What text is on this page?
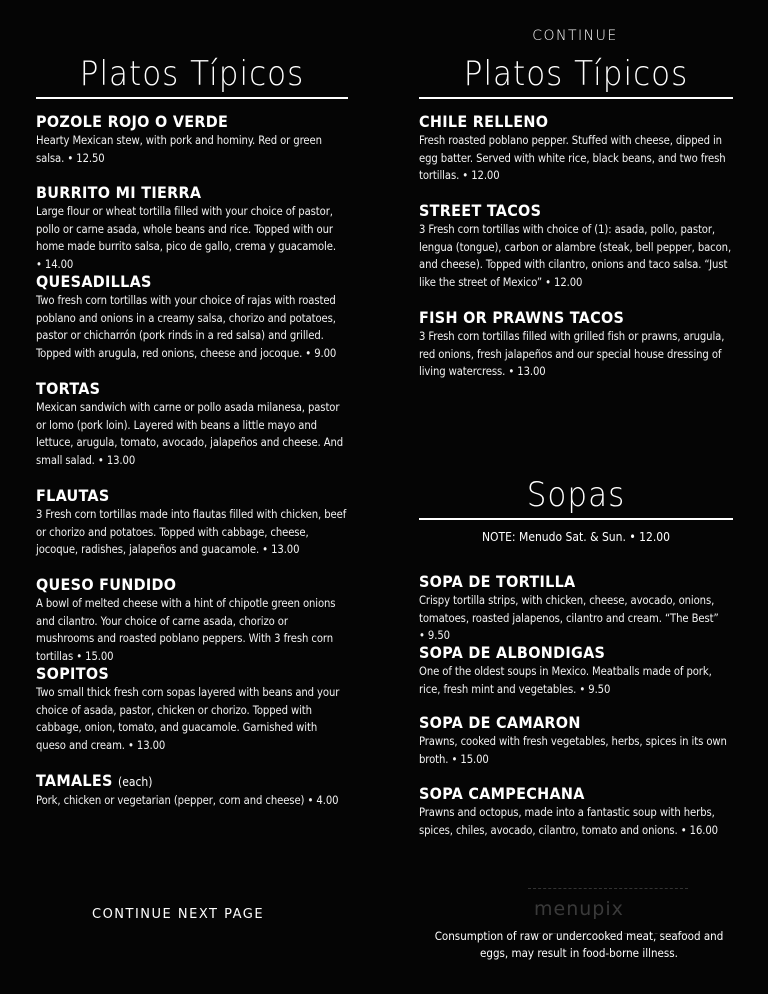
Platos Típicos
POZOLE ROJO O VERDE
Hearty Mexican stew, with pork and hominy. Red or green salsa. • 12.50
BURRITO MI TIERRA
Large flour or wheat tortilla filled with your choice of pastor, pollo or carne asada, whole beans and rice. Topped with our home made burrito salsa, pico de gallo, crema y guacamole. • 14.00
QUESADILLAS
Two fresh corn tortillas with your choice of rajas with roasted poblano and onions in a creamy salsa, chorizo and potatoes, pastor or chicharrón (pork rinds in a red salsa) and grilled. Topped with arugula, red onions, cheese and jocoque. • 9.00
TORTAS
Mexican sandwich with carne or pollo asada milanesa, pastor or lomo (pork loin). Layered with beans a little mayo and lettuce, arugula, tomato, avocado, jalapeños and cheese. And small salad. • 13.00
FLAUTAS
3 Fresh corn tortillas made into flautas filled with chicken, beef or chorizo and potatoes. Topped with cabbage, cheese, jocoque, radishes, jalapeños and guacamole. • 13.00
QUESO FUNDIDO
A bowl of melted cheese with a hint of chipotle green onions and cilantro. Your choice of carne asada, chorizo or mushrooms and roasted poblano peppers. With 3 fresh corn tortillas • 15.00
SOPITOS
Two small thick fresh corn sopas layered with beans and your choice of asada, pastor, chicken or chorizo. Topped with cabbage, onion, tomato, and guacamole. Garnished with queso and cream. • 13.00
TAMALES (each)
Pork, chicken or vegetarian (pepper, corn and cheese) • 4.00
CONTINUE NEXT PAGE
CONTINUE
Platos Típicos
CHILE RELLENO
Fresh roasted poblano pepper. Stuffed with cheese, dipped in egg batter. Served with white rice, black beans, and two fresh tortillas. • 12.00
STREET TACOS
3 Fresh corn tortillas with choice of (1): asada, pollo, pastor, lengua (tongue), carbon or alambre (steak, bell pepper, bacon, and cheese). Topped with cilantro, onions and taco salsa. “Just like the street of Mexico” • 12.00
FISH OR PRAWNS TACOS
3 Fresh corn tortillas filled with grilled fish or prawns, arugula, red onions, fresh jalapeños and our special house dressing of living watercress. • 13.00
Sopas
NOTE: Menudo Sat. & Sun. • 12.00
SOPA DE TORTILLA
Crispy tortilla strips, with chicken, cheese, avocado, onions, tomatoes, roasted jalapenos, cilantro and cream. “The Best” • 9.50
SOPA DE ALBONDIGAS
One of the oldest soups in Mexico. Meatballs made of pork, rice, fresh mint and vegetables. • 9.50
SOPA DE CAMARON
Prawns, cooked with fresh vegetables, herbs, spices in its own broth. • 15.00
SOPA CAMPECHANA
Prawns and octopus, made into a fantastic soup with herbs, spices, chiles, avocado, cilantro, tomato and onions. • 16.00
menupix
Consumption of raw or undercooked meat, seafood and eggs, may result in food-borne illness.
